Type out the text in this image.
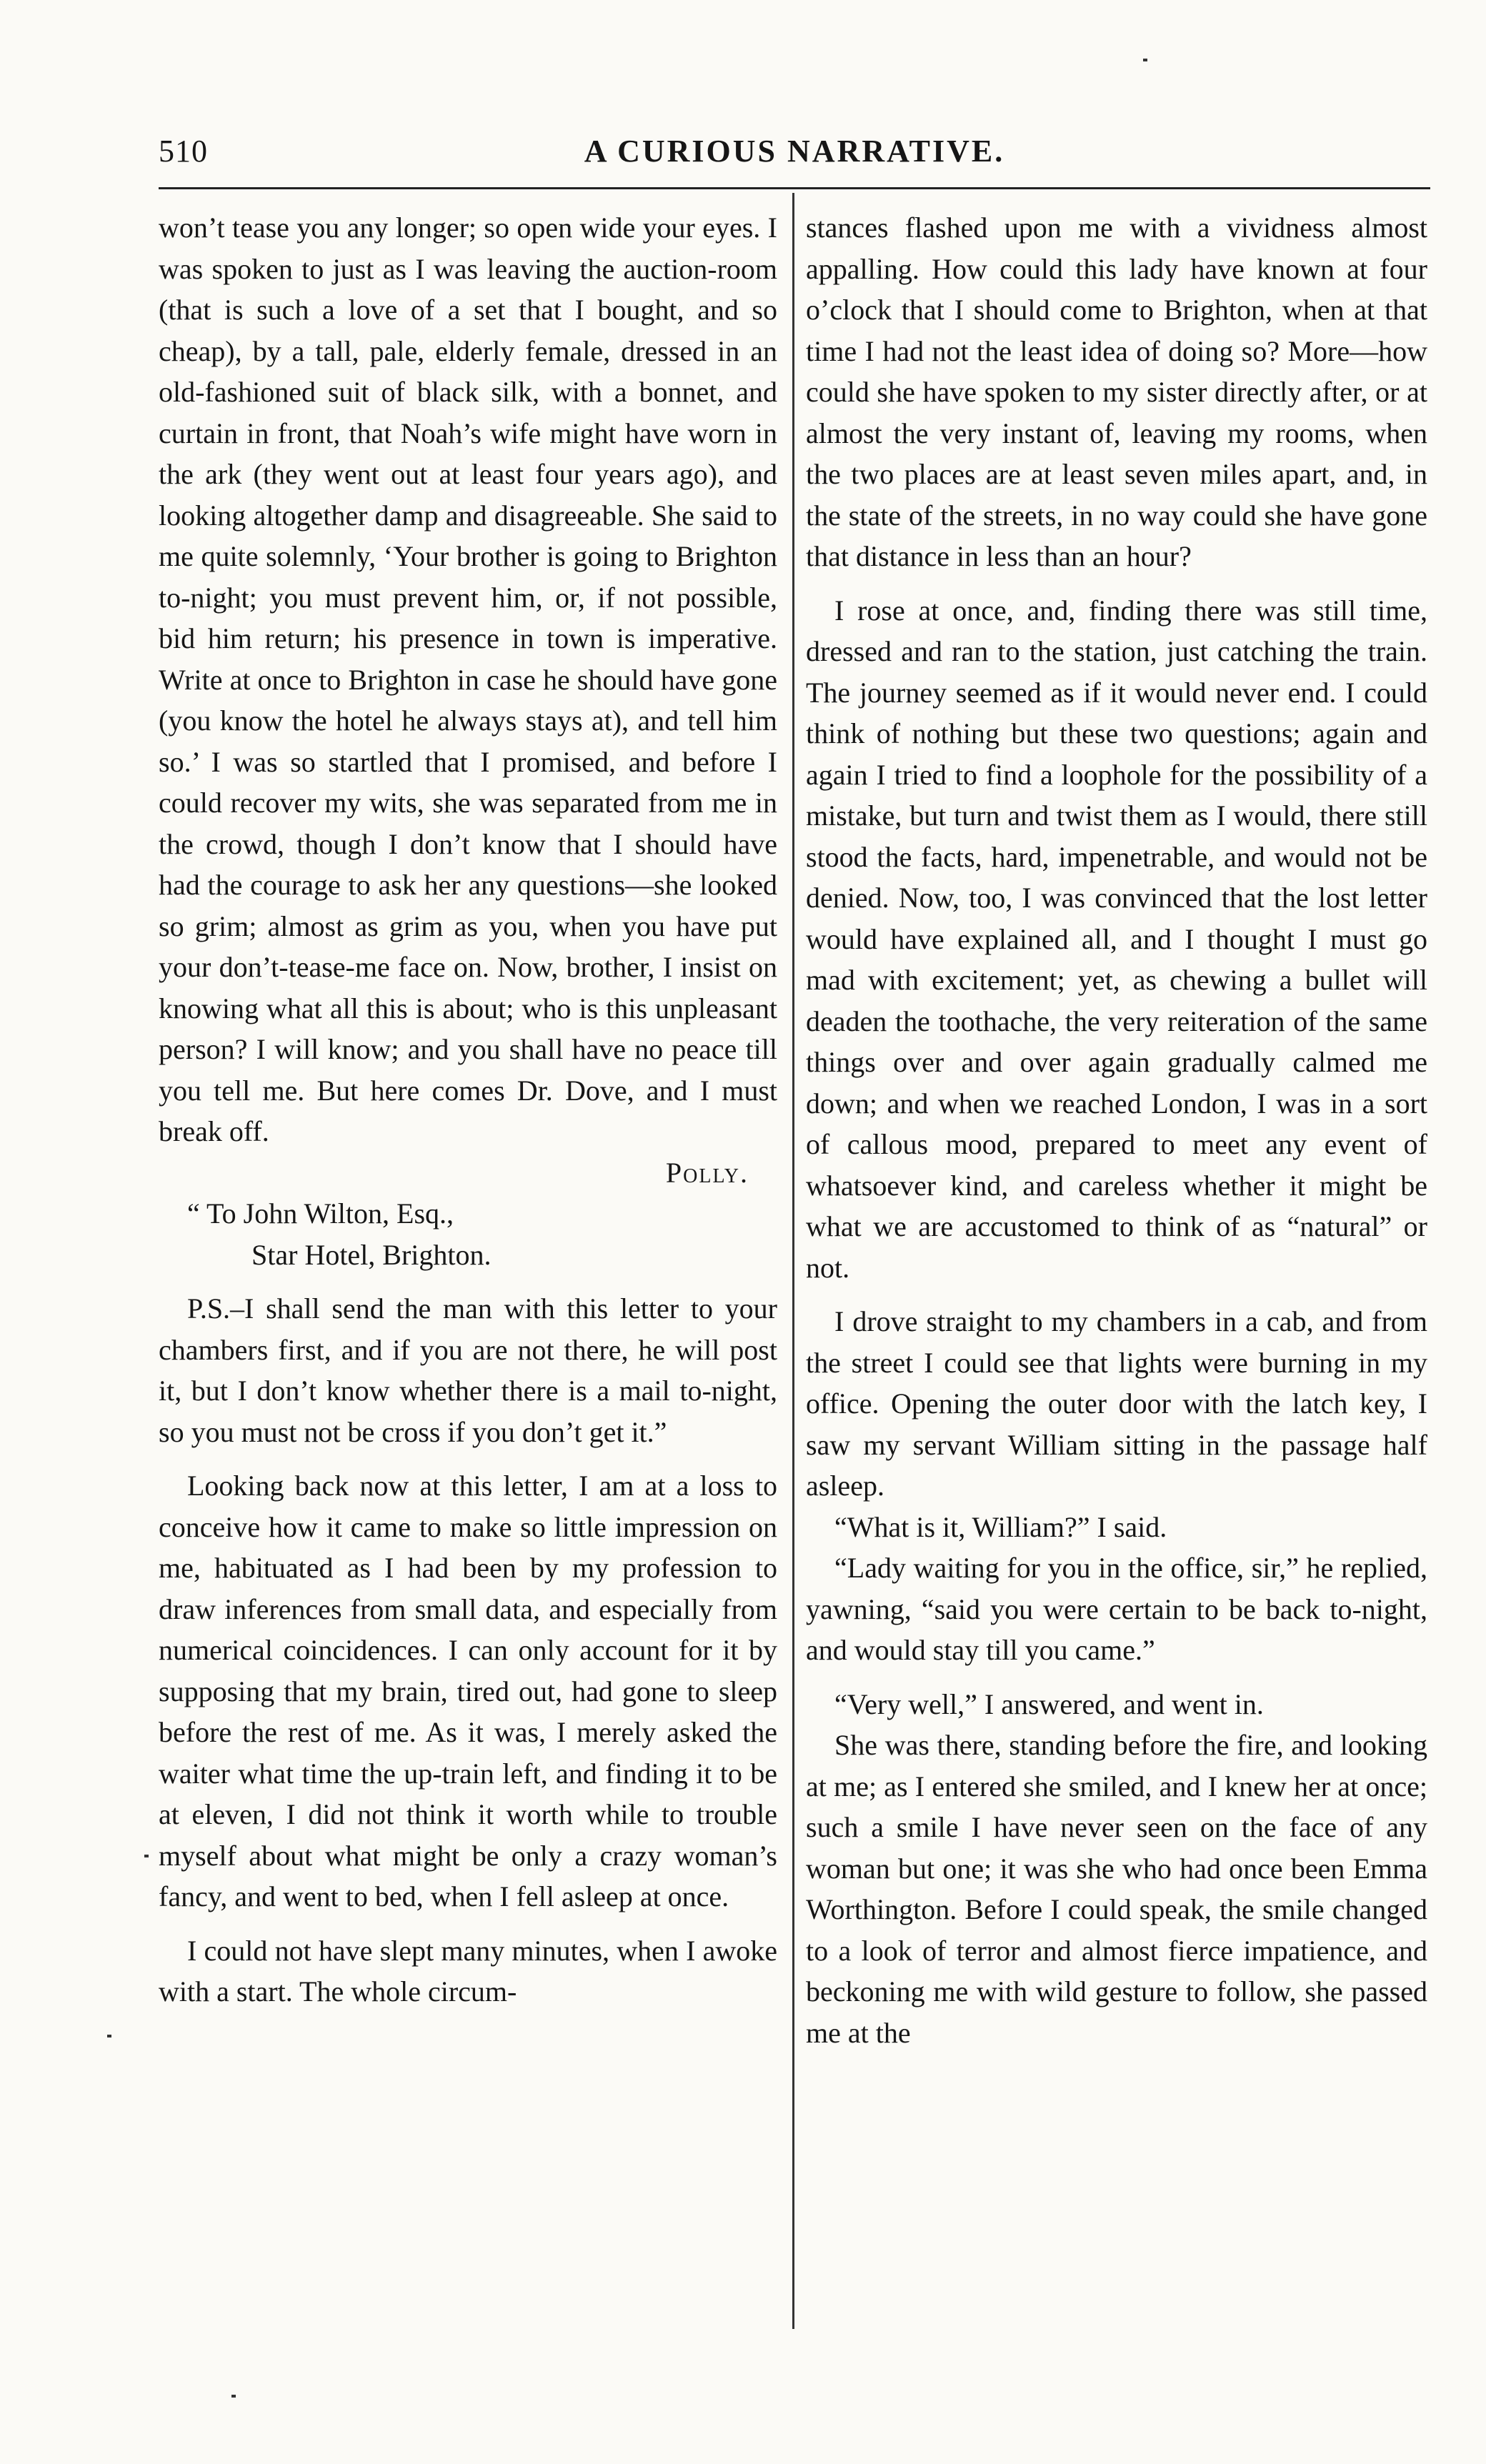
510	A CURIOUS NARRATIVE.

won’t tease you any longer; so open wide your eyes. I was spoken to just as I was leaving the auction-room (that is such a love of a set that I bought, and so cheap), by a tall, pale, elderly female, dressed in an old-fashioned suit of black silk, with a bonnet, and curtain in front, that Noah’s wife might have worn in the ark (they went out at least four years ago), and looking altogether damp and disagreeable. She said to me quite solemnly, ‘Your brother is going to Brighton to-night; you must prevent him, or, if not possible, bid him return; his presence in town is imperative. Write at once to Brighton in case he should have gone (you know the hotel he always stays at), and tell him so.’ I was so startled that I promised, and before I could recover my wits, she was separated from me in the crowd, though I don’t know that I should have had the courage to ask her any questions—she looked so grim; almost as grim as you, when you have put your don’t-tease-me face on. Now, brother, I insist on knowing what all this is about; who is this unpleasant person? I will know; and you shall have no peace till you tell me. But here comes Dr. Dove, and I must break off.

Polly.

“ To John Wilton, Esq.,

Star Hotel, Brighton.

P.S.–I shall send the man with this letter to your chambers first, and if you are not there, he will post it, but I don’t know whether there is a mail to-night, so you must not be cross if you don’t get it.”

Looking back now at this letter, I am at a loss to conceive how it came to make so little impression on me, habituated as I had been by my profession to draw inferences from small data, and especially from numerical coincidences. I can only account for it by supposing that my brain, tired out, had gone to sleep before the rest of me. As it was, I merely asked the waiter what time the up-train left, and finding it to be at eleven, I did not think it worth while to trouble myself about what might be only a crazy woman’s fancy, and went to bed, when I fell asleep at once.

I could not have slept many minutes, when I awoke with a start. The whole circum-

stances flashed upon me with a vividness almost appalling. How could this lady have known at four o’clock that I should come to Brighton, when at that time I had not the least idea of doing so? More—how could she have spoken to my sister directly after, or at almost the very instant of, leaving my rooms, when the two places are at least seven miles apart, and, in the state of the streets, in no way could she have gone that distance in less than an hour?

I rose at once, and, finding there was still time, dressed and ran to the station, just catching the train. The journey seemed as if it would never end. I could think of nothing but these two questions; again and again I tried to find a loophole for the possibility of a mistake, but turn and twist them as I would, there still stood the facts, hard, impenetrable, and would not be denied. Now, too, I was convinced that the lost letter would have explained all, and I thought I must go mad with excitement; yet, as chewing a bullet will deaden the toothache, the very reiteration of the same things over and over again gradually calmed me down; and when we reached London, I was in a sort of callous mood, prepared to meet any event of whatsoever kind, and careless whether it might be what we are accustomed to think of as “natural” or not.

I drove straight to my chambers in a cab, and from the street I could see that lights were burning in my office. Opening the outer door with the latch key, I saw my servant William sitting in the passage half asleep.

“What is it, William?” I said.

“Lady waiting for you in the office, sir,” he replied, yawning, “said you were certain to be back to-night, and would stay till you came.”

“Very well,” I answered, and went in.

She was there, standing before the fire, and looking at me; as I entered she smiled, and I knew her at once; such a smile I have never seen on the face of any woman but one; it was she who had once been Emma Worthington. Before I could speak, the smile changed to a look of terror and almost fierce impatience, and beckoning me with wild gesture to follow, she passed me at the
